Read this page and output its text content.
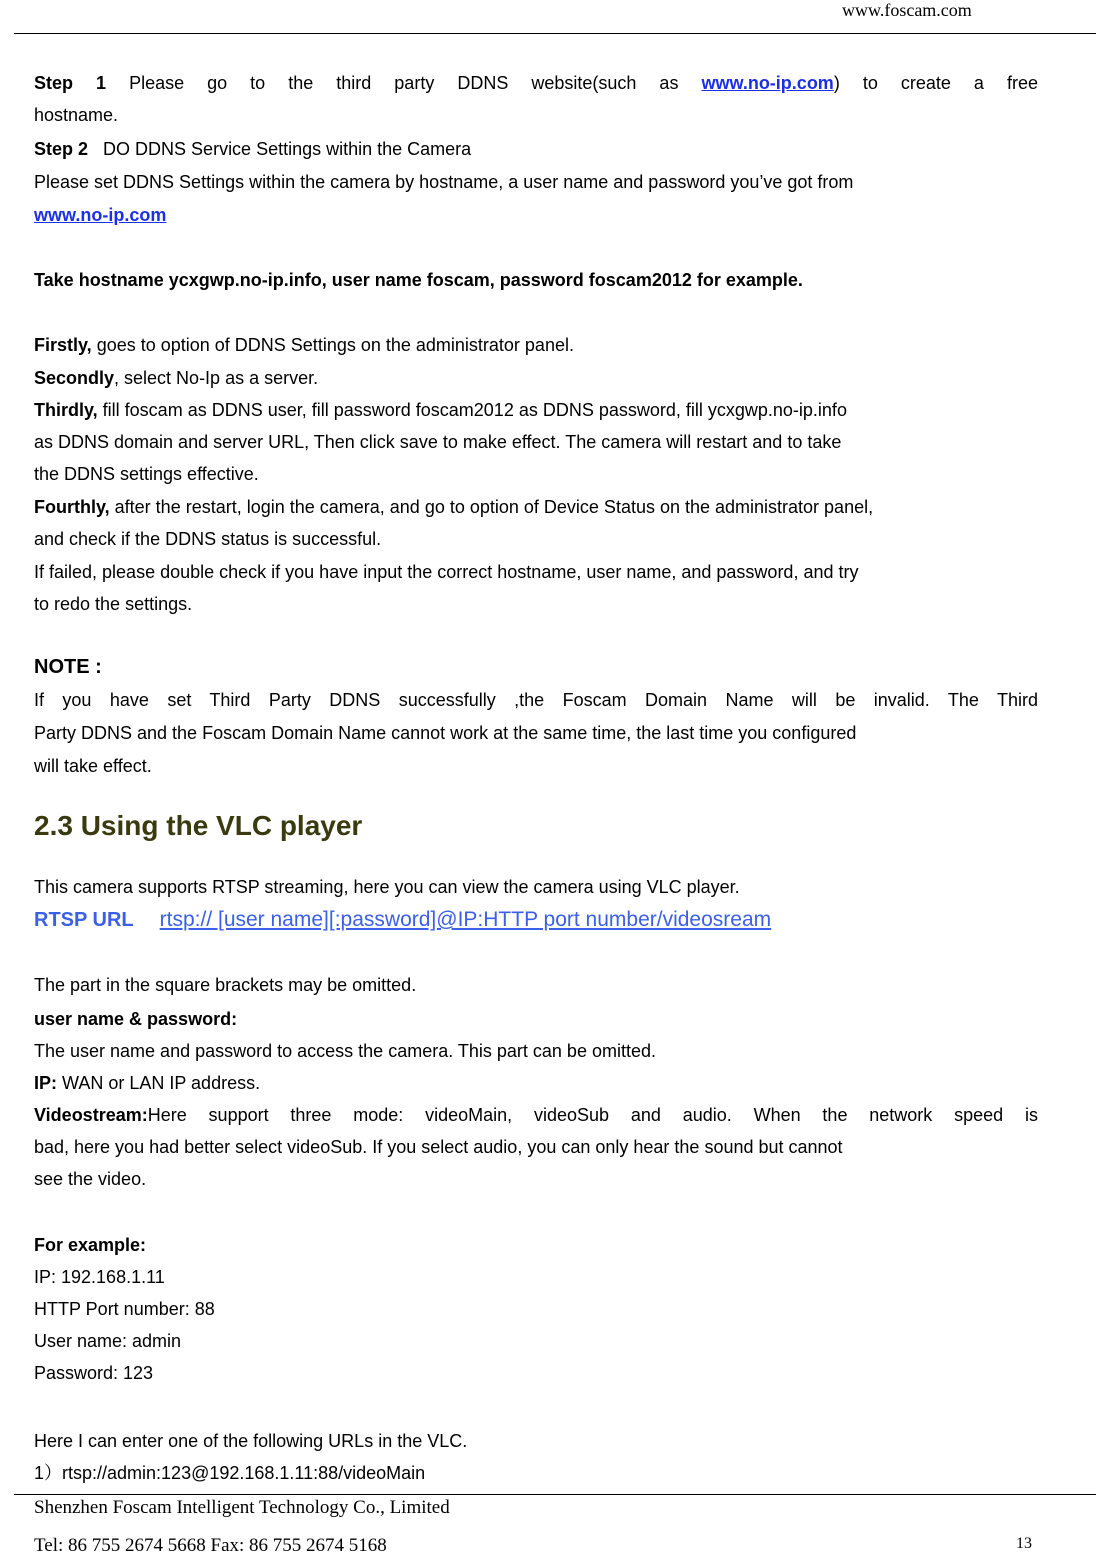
www.foscam.com
Step 1 Please go to the third party DDNS website(such as www.no-ip.com) to create a free
hostname.
Step 2 DO DDNS Service Settings within the Camera
Please set DDNS Settings within the camera by hostname, a user name and password you’ve got from
www.no-ip.com
Take hostname ycxgwp.no-ip.info, user name foscam, password foscam2012 for example.
Firstly, goes to option of DDNS Settings on the administrator panel.
Secondly, select No-Ip as a server.
Thirdly, fill foscam as DDNS user, fill password foscam2012 as DDNS password, fill ycxgwp.no-ip.info
as DDNS domain and server URL, Then click save to make effect. The camera will restart and to take
the DDNS settings effective.
Fourthly, after the restart, login the camera, and go to option of Device Status on the administrator panel,
and check if the DDNS status is successful.
If failed, please double check if you have input the correct hostname, user name, and password, and try
to redo the settings.
NOTE :
If you have set Third Party DDNS successfully ,the Foscam Domain Name will be invalid. The Third
Party DDNS and the Foscam Domain Name cannot work at the same time, the last time you configured
will take effect.
2.3 Using the VLC player
This camera supports RTSP streaming, here you can view the camera using VLC player.
RTSP URL rtsp:// [user name][:password]@IP:HTTP port number/videosream
The part in the square brackets may be omitted.
user name & password:
The user name and password to access the camera. This part can be omitted.
IP: WAN or LAN IP address.
Videostream:Here support three mode: videoMain, videoSub and audio. When the network speed is
bad, here you had better select videoSub. If you select audio, you can only hear the sound but cannot
see the video.
For example:
IP: 192.168.1.11
HTTP Port number: 88
User name: admin
Password: 123
Here I can enter one of the following URLs in the VLC.
1）rtsp://admin:123@192.168.1.11:88/videoMain
Shenzhen Foscam Intelligent Technology Co., Limited
Tel: 86 755 2674 5668 Fax: 86 755 2674 5168	13
